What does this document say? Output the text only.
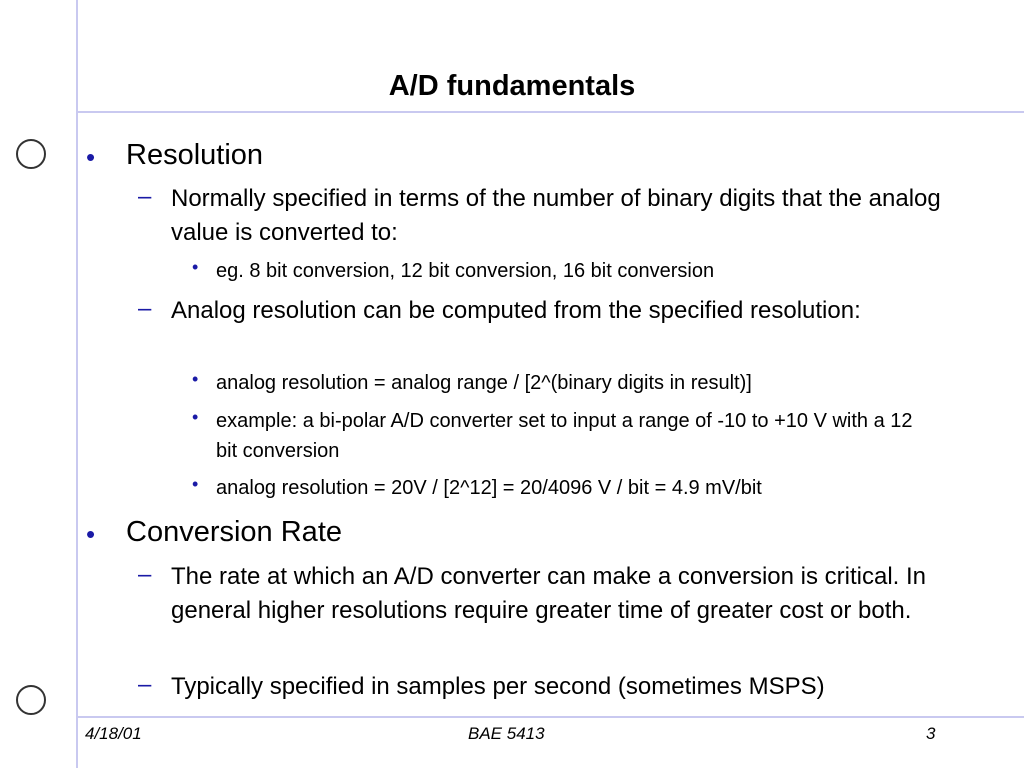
A/D fundamentals
• Resolution

– Normally specified in terms of the number of binary digits that the analog value is converted to:

• eg. 8 bit conversion, 12 bit conversion, 16 bit conversion

– Analog resolution can be computed from the specified resolution:

• analog resolution = analog range / [2^(binary digits in result)]

• example: a bi-polar A/D converter set to input a range of -10 to +10 V with a 12 bit conversion

• analog resolution = 20V / [2^12] = 20/4096 V / bit = 4.9 mV/bit

• Conversion Rate

– The rate at which an A/D converter can make a conversion is critical. In general higher resolutions require greater time of greater cost or both.

– Typically specified in samples per second (sometimes MSPS)

4/18/01	BAE 5413	3
